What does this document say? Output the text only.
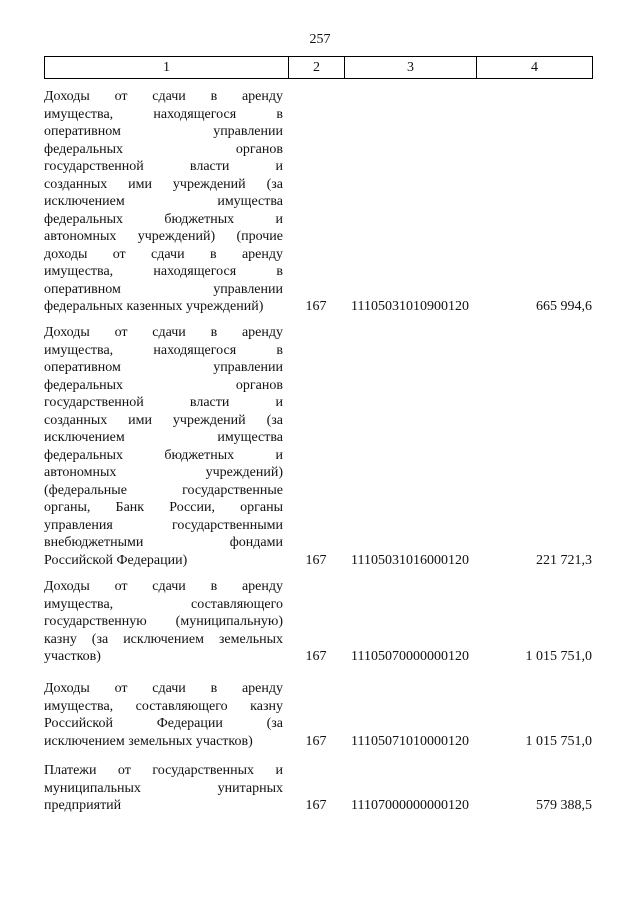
257
1	2	3	4
Доходы от сдачи в аренду
имущества, находящегося в
оперативном управлении
федеральных органов
государственной власти и
созданных ими учреждений (за
исключением имущества
федеральных бюджетных и
автономных учреждений) (прочие
доходы от сдачи в аренду
имущества, находящегося в
оперативном управлении
федеральных казенных учреждений)	167	11105031010900120	665 994,6
Доходы от сдачи в аренду
имущества, находящегося в
оперативном управлении
федеральных органов
государственной власти и
созданных ими учреждений (за
исключением имущества
федеральных бюджетных и
автономных учреждений)
(федеральные государственные
органы, Банк России, органы
управления государственными
внебюджетными фондами
Российской Федерации)	167	11105031016000120	221 721,3
Доходы от сдачи в аренду
имущества, составляющего
государственную (муниципальную)
казну (за исключением земельных
участков)	167	11105070000000120	1 015 751,0
Доходы от сдачи в аренду
имущества, составляющего казну
Российской Федерации (за
исключением земельных участков)	167	11105071010000120	1 015 751,0
Платежи от государственных и
муниципальных унитарных
предприятий	167	11107000000000120	579 388,5
